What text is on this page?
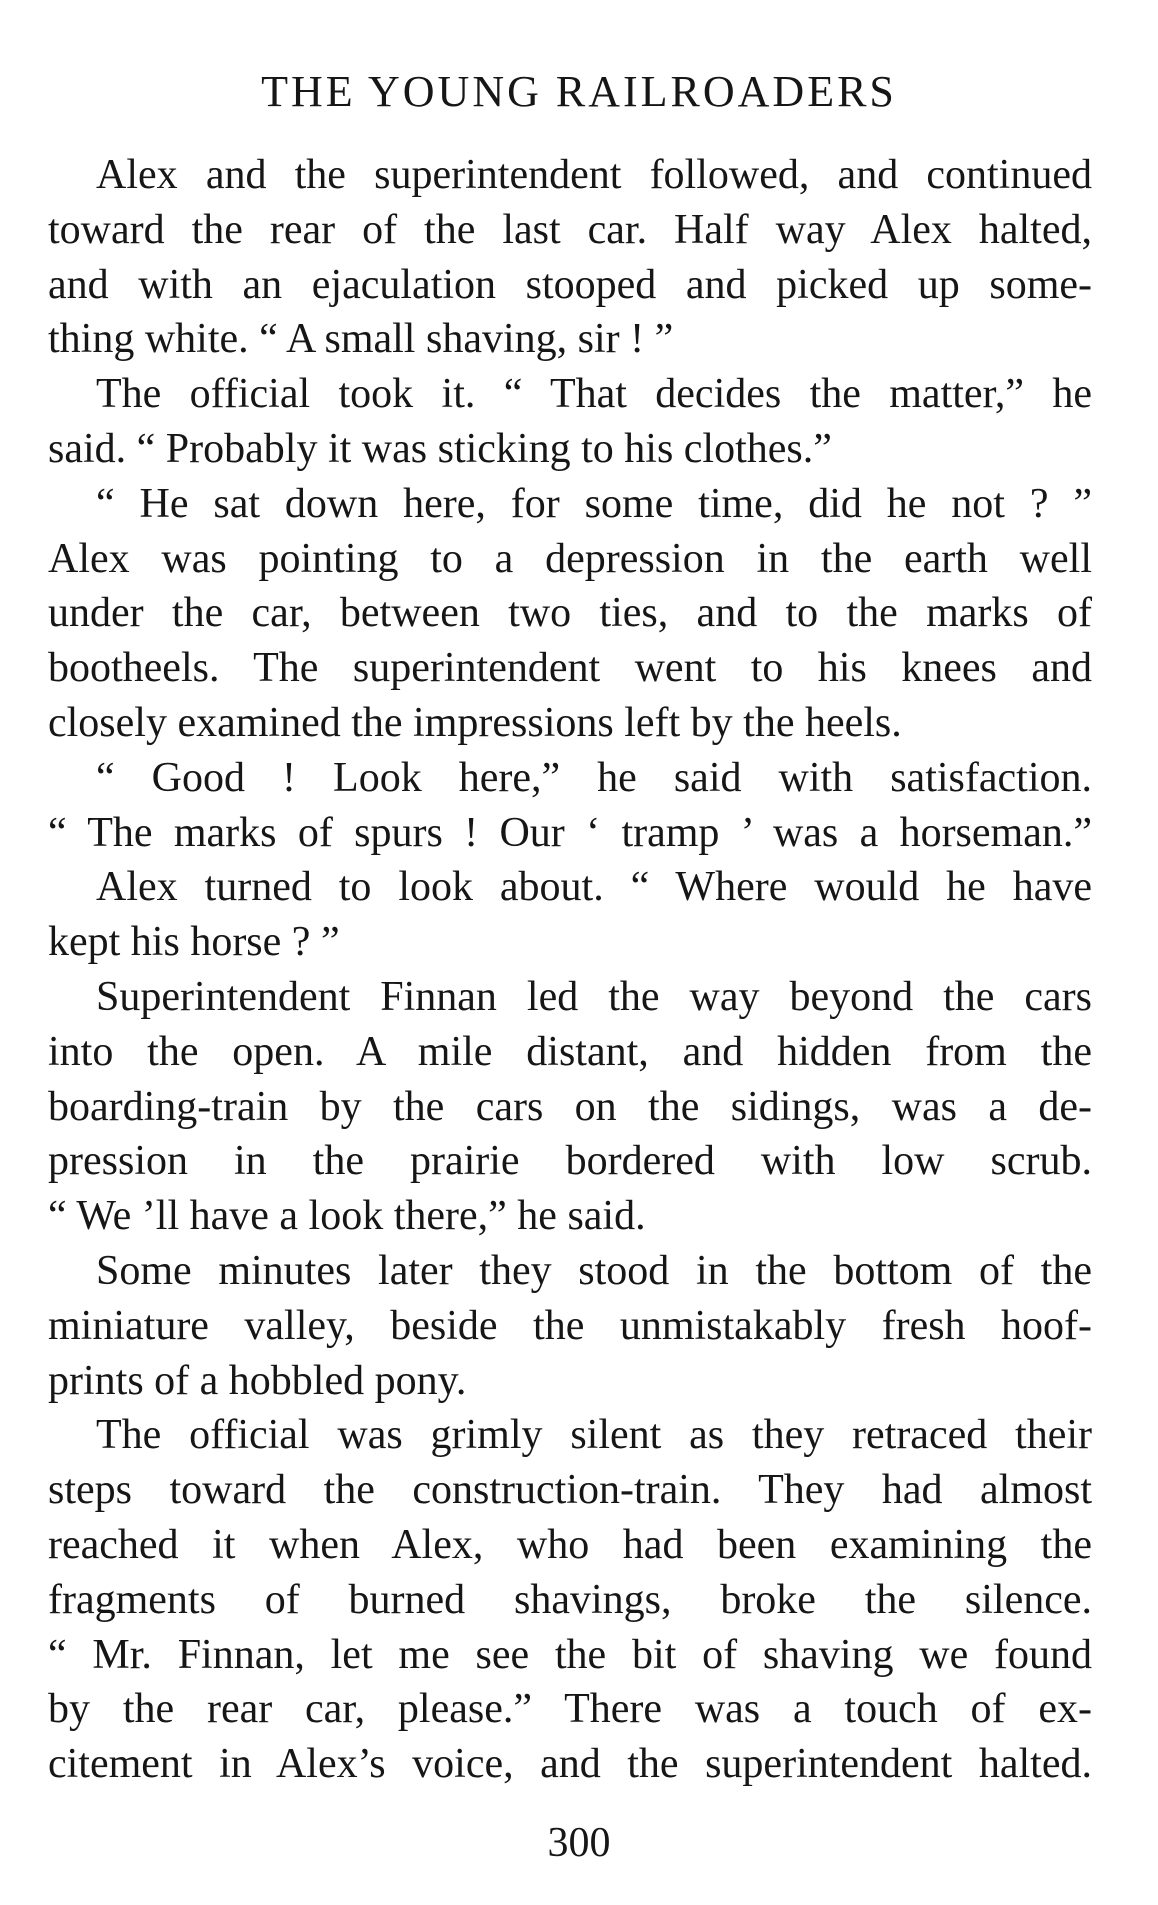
THE YOUNG RAILROADERS
Alex and the superintendent followed, and continued
toward the rear of the last car. Half way Alex halted,
and with an ejaculation stooped and picked up some-
thing white. “ A small shaving, sir ! ”
The official took it. “ That decides the matter,” he
said. “ Probably it was sticking to his clothes.”
“ He sat down here, for some time, did he not ? ”
Alex was pointing to a depression in the earth well
under the car, between two ties, and to the marks of
bootheels. The superintendent went to his knees and
closely examined the impressions left by the heels.
“ Good ! Look here,” he said with satisfaction.
“ The marks of spurs ! Our ‘ tramp ’ was a horseman.”
Alex turned to look about. “ Where would he have
kept his horse ? ”
Superintendent Finnan led the way beyond the cars
into the open. A mile distant, and hidden from the
boarding-train by the cars on the sidings, was a de-
pression in the prairie bordered with low scrub.
“ We ’ll have a look there,” he said.
Some minutes later they stood in the bottom of the
miniature valley, beside the unmistakably fresh hoof-
prints of a hobbled pony.
The official was grimly silent as they retraced their
steps toward the construction-train. They had almost
reached it when Alex, who had been examining the
fragments of burned shavings, broke the silence.
“ Mr. Finnan, let me see the bit of shaving we found
by the rear car, please.” There was a touch of ex-
citement in Alex’s voice, and the superintendent halted.
300
